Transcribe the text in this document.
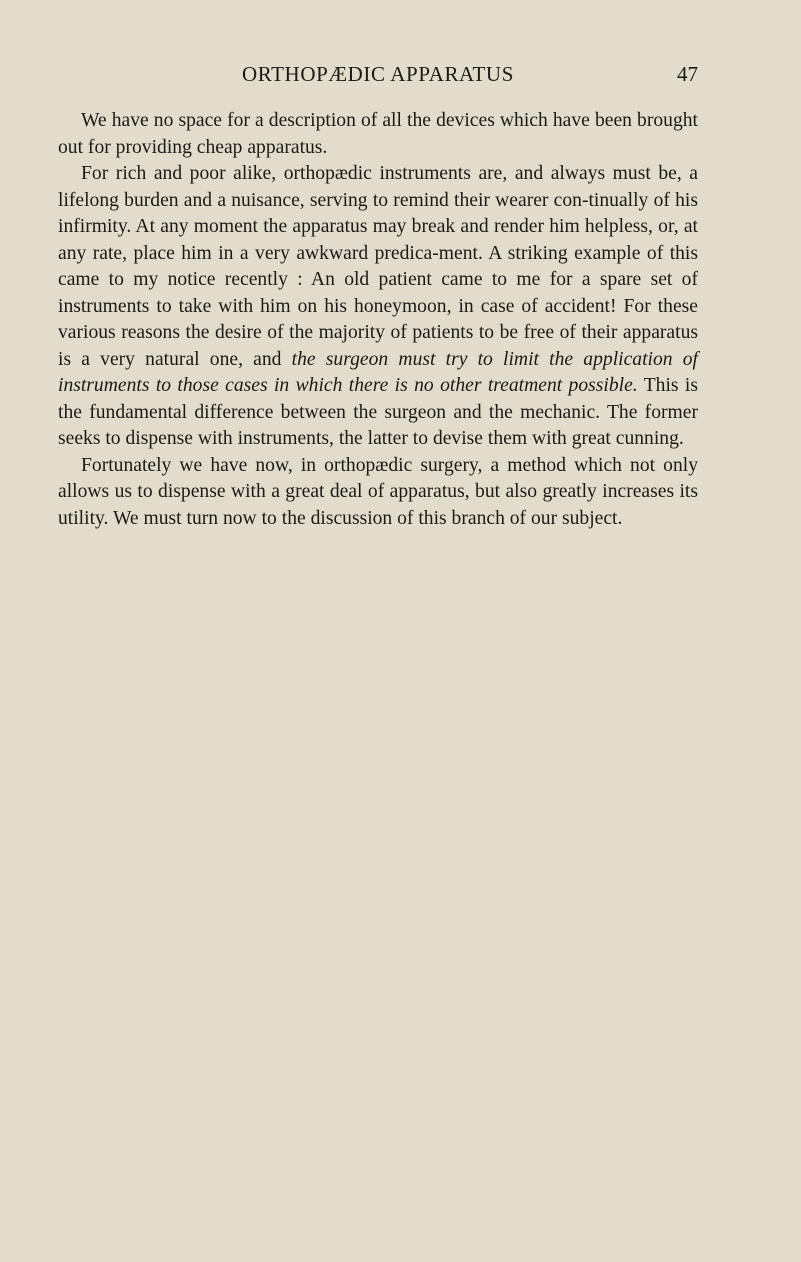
ORTHOPÆDIC APPARATUS	47

We have no space for a description of all the devices which have been brought out for providing cheap apparatus.

For rich and poor alike, orthopædic instruments are, and always must be, a lifelong burden and a nuisance, serving to remind their wearer con-tinually of his infirmity. At any moment the apparatus may break and render him helpless, or, at any rate, place him in a very awkward predica-ment. A striking example of this came to my notice recently : An old patient came to me for a spare set of instruments to take with him on his honeymoon, in case of accident! For these various reasons the desire of the majority of patients to be free of their apparatus is a very natural one, and the surgeon must try to limit the application of instruments to those cases in which there is no other treatment possible. This is the fundamental difference between the surgeon and the mechanic. The former seeks to dispense with instruments, the latter to devise them with great cunning.

Fortunately we have now, in orthopædic surgery, a method which not only allows us to dispense with a great deal of apparatus, but also greatly increases its utility. We must turn now to the discussion of this branch of our subject.
